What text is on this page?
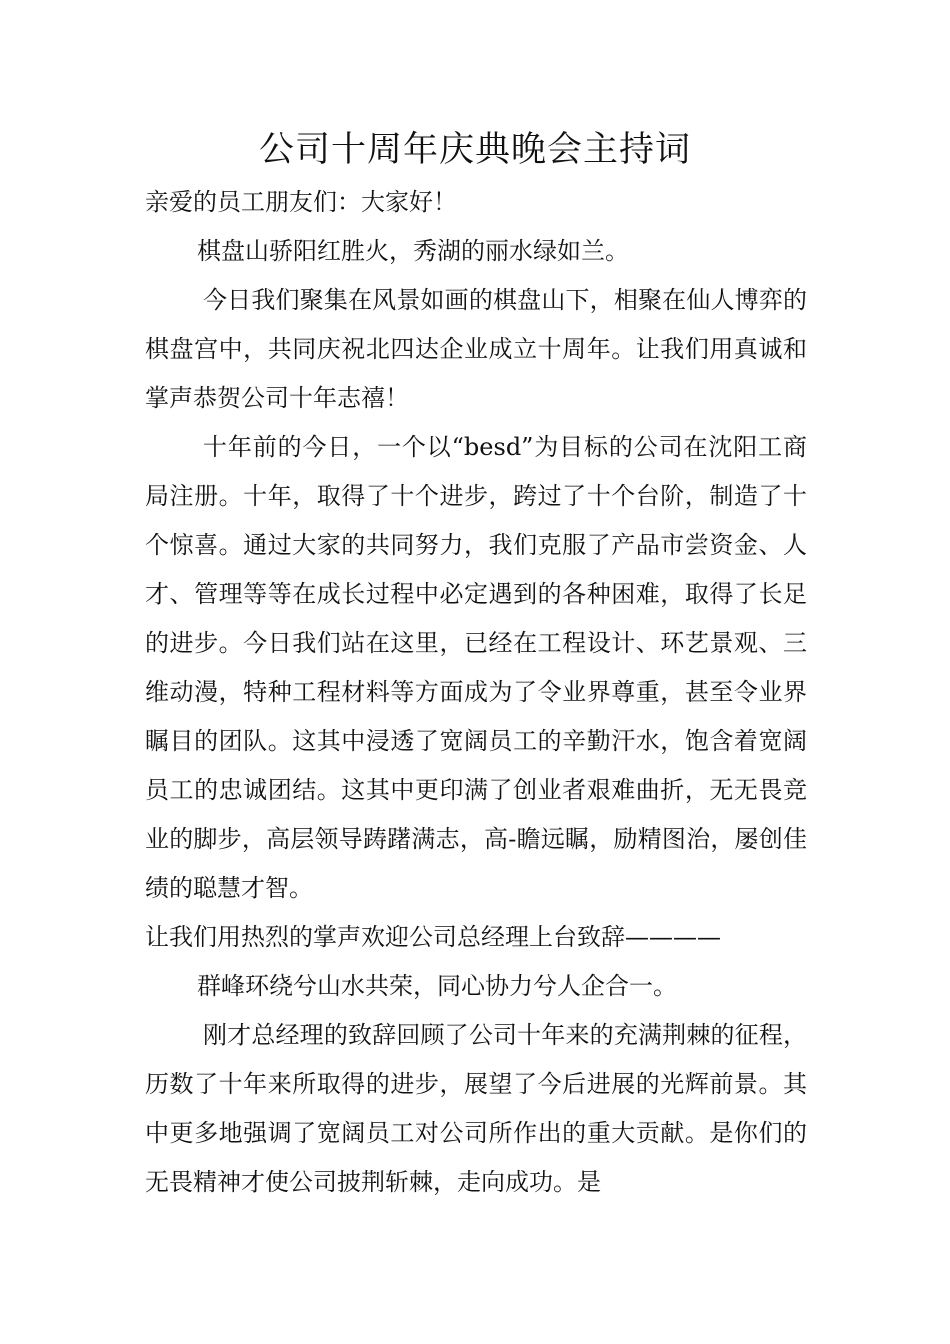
公司十周年庆典晚会主持词

亲爱的员工朋友们：大家好！

棋盘山骄阳红胜火，秀湖的丽水绿如兰。

今日我们聚集在风景如画的棋盘山下，相聚在仙人博弈的棋盘宫中，共同庆祝北四达企业成立十周年。让我们用真诚和掌声恭贺公司十年志禧！

十年前的今日，一个以“besd”为目标的公司在沈阳工商局注册。十年，取得了十个进步，跨过了十个台阶，制造了十个惊喜。通过大家的共同努力，我们克服了产品市尝资金、人才、管理等等在成长过程中必定遇到的各种困难，取得了长足的进步。今日我们站在这里，已经在工程设计、环艺景观、三维动漫，特种工程材料等方面成为了令业界尊重，甚至令业界瞩目的团队。这其中浸透了宽阔员工的辛勤汗水，饱含着宽阔员工的忠诚团结。这其中更印满了创业者艰难曲折，无无畏竞业的脚步，高层领导踌躇满志，高-瞻远瞩，励精图治，屡创佳绩的聪慧才智。

让我们用热烈的掌声欢迎公司总经理上台致辞————

群峰环绕兮山水共荣，同心协力兮人企合一。

刚才总经理的致辞回顾了公司十年来的充满荆棘的征程，历数了十年来所取得的进步，展望了今后进展的光辉前景。其中更多地强调了宽阔员工对公司所作出的重大贡献。是你们的无畏精神才使公司披荆斩棘，走向成功。是
